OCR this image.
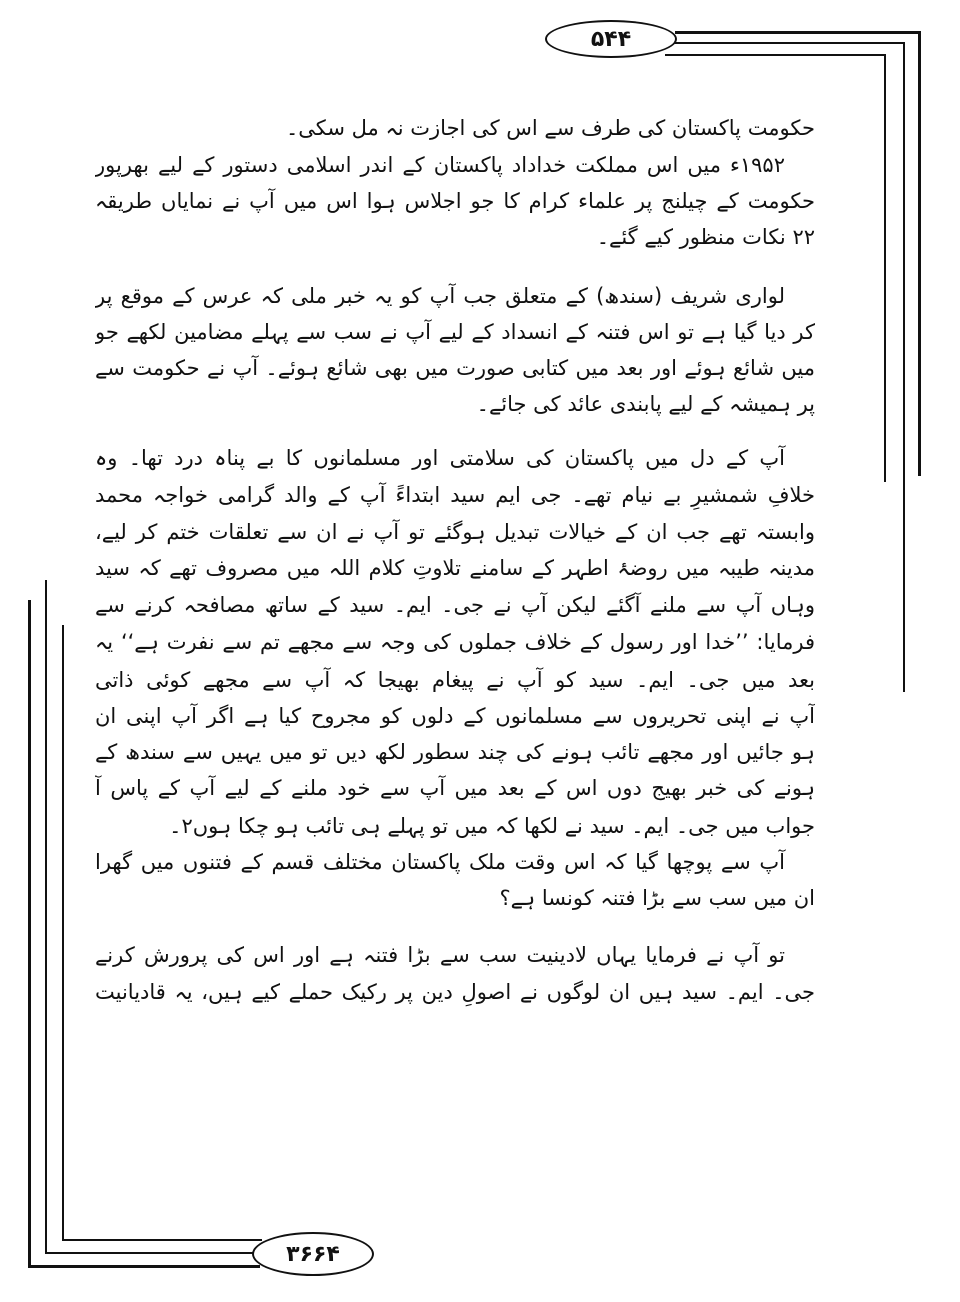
۵۴۴
۳۶۶۴
حکومت پاکستان کی طرف سے اس کی اجازت نہ مل سکی۔
۱۹۵۲ء میں اس مملکت خداداد پاکستان کے اندر اسلامی دستور کے لیے بھرپور
حکومت کے چیلنج پر علماء کرام کا جو اجلاس ہوا اس میں آپ نے نمایاں طریقہ
۲۲ نکات منظور کیے گئے۔
لواری شریف (سندھ) کے متعلق جب آپ کو یہ خبر ملی کہ عرس کے موقع پر
کر دیا گیا ہے تو اس فتنہ کے انسداد کے لیے آپ نے سب سے پہلے مضامین لکھے جو
میں شائع ہوئے اور بعد میں کتابی صورت میں بھی شائع ہوئے۔ آپ نے حکومت سے
پر ہمیشہ کے لیے پابندی عائد کی جائے۔
آپ کے دل میں پاکستان کی سلامتی اور مسلمانوں کا بے پناہ درد تھا۔ وہ
خلافِ شمشیرِ بے نیام تھے۔ جی ایم سید ابتداءً آپ کے والد گرامی خواجہ محمد
وابستہ تھے جب ان کے خیالات تبدیل ہوگئے تو آپ نے ان سے تعلقات ختم کر لیے،
مدینہ طیبہ میں روضۂ اطہر کے سامنے تلاوتِ کلام اللہ میں مصروف تھے کہ سید
وہاں آپ سے ملنے آگئے لیکن آپ نے جی۔ ایم۔ سید کے ساتھ مصافحہ کرنے سے
فرمایا: ’’خدا اور رسول کے خلاف جملوں کی وجہ سے مجھے تم سے نفرت ہے‘‘ یہ
بعد میں جی۔ ایم۔ سید کو آپ نے پیغام بھیجا کہ آپ سے مجھے کوئی ذاتی
آپ نے اپنی تحریروں سے مسلمانوں کے دلوں کو مجروح کیا ہے اگر آپ اپنی ان
ہو جائیں اور مجھے تائب ہونے کی چند سطور لکھ دیں تو میں یہیں سے سندھ کے
ہونے کی خبر بھیج دوں اس کے بعد میں آپ سے خود ملنے کے لیے آپ کے پاس آ
جواب میں جی۔ ایم۔ سید نے لکھا کہ میں تو پہلے ہی تائب ہو چکا ہوں۲۔
آپ سے پوچھا گیا کہ اس وقت ملک پاکستان مختلف قسم کے فتنوں میں گھرا
ان میں سب سے بڑا فتنہ کونسا ہے؟
تو آپ نے فرمایا یہاں لادینیت سب سے بڑا فتنہ ہے اور اس کی پرورش کرنے
جی۔ ایم۔ سید ہیں ان لوگوں نے اصولِ دین پر رکیک حملے کیے ہیں، یہ قادیانیت
